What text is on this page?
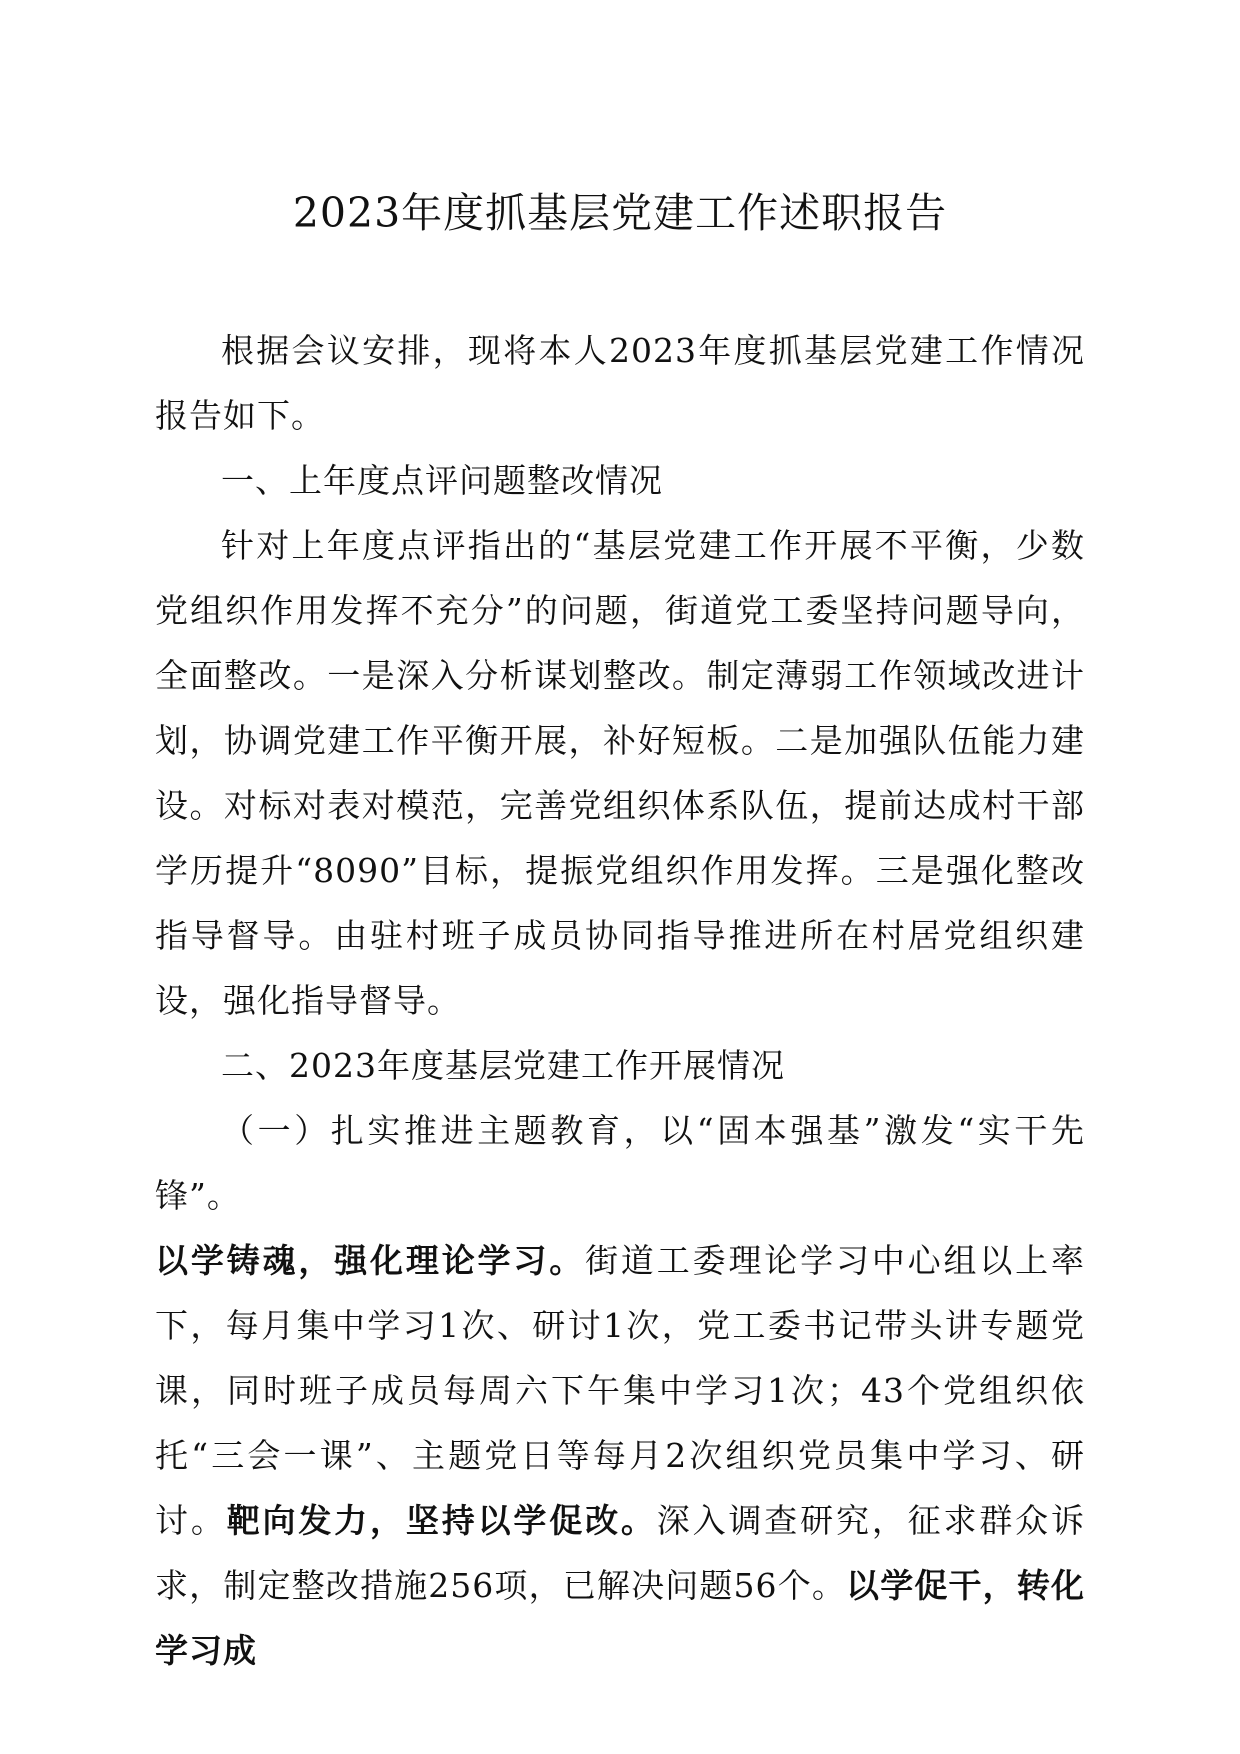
2023年度抓基层党建工作述职报告

根据会议安排，现将本人2023年度抓基层党建工作情况报告如下。

一、上年度点评问题整改情况

针对上年度点评指出的“基层党建工作开展不平衡，少数党组织作用发挥不充分”的问题，街道党工委坚持问题导向，全面整改。一是深入分析谋划整改。制定薄弱工作领域改进计划，协调党建工作平衡开展，补好短板。二是加强队伍能力建设。对标对表对模范，完善党组织体系队伍，提前达成村干部学历提升“8090”目标，提振党组织作用发挥。三是强化整改指导督导。由驻村班子成员协同指导推进所在村居党组织建设，强化指导督导。

二、2023年度基层党建工作开展情况

（一）扎实推进主题教育，以“固本强基”激发“实干先锋”。

以学铸魂，强化理论学习。街道工委理论学习中心组以上率下，每月集中学习1次、研讨1次，党工委书记带头讲专题党课，同时班子成员每周六下午集中学习1次；43个党组织依托“三会一课”、主题党日等每月2次组织党员集中学习、研讨。靶向发力，坚持以学促改。深入调查研究，征求群众诉求，制定整改措施256项，已解决问题56个。以学促干，转化学习成
